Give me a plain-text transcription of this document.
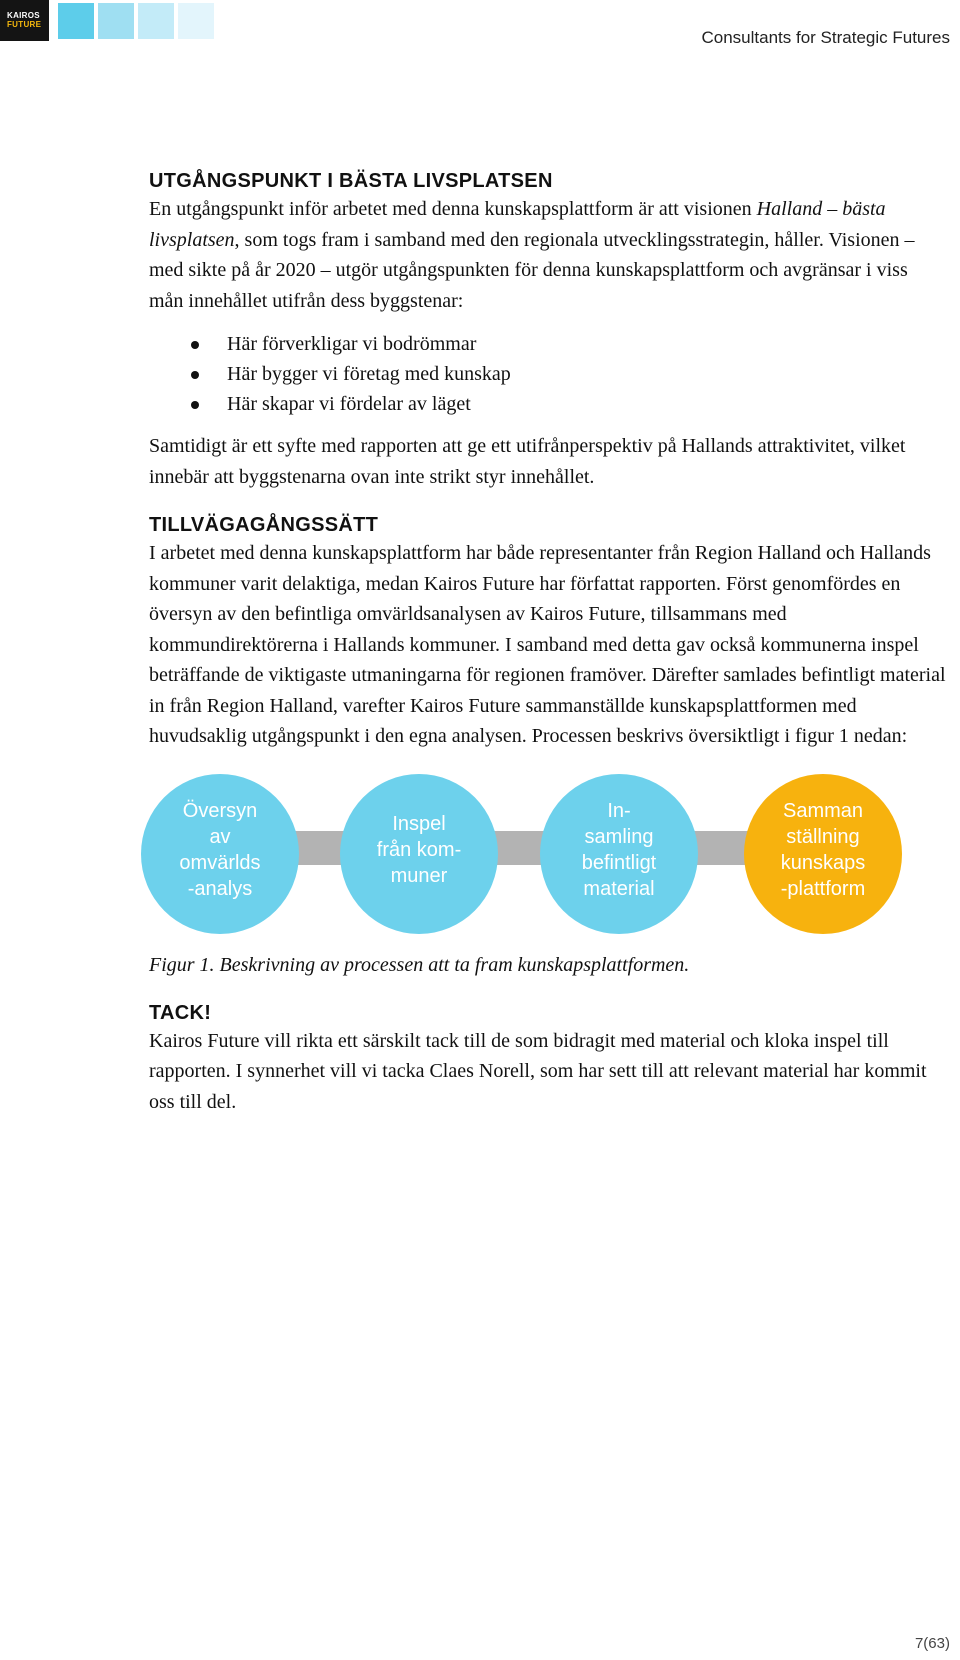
KAIROS
FUTURE
Consultants for Strategic Futures
UTGÅNGSPUNKT I BÄSTA LIVSPLATSEN

En utgångspunkt inför arbetet med denna kunskapsplattform är att visionen Halland – bästa livsplatsen, som togs fram i samband med den regionala utvecklingsstrategin, håller. Visionen – med sikte på år 2020 – utgör utgångspunkten för denna kunskapsplattform och avgränsar i viss mån innehållet utifrån dess byggstenar:

Här förverkligar vi bodrömmar
Här bygger vi företag med kunskap
Här skapar vi fördelar av läget

Samtidigt är ett syfte med rapporten att ge ett utifrånperspektiv på Hallands attraktivitet, vilket innebär att byggstenarna ovan inte strikt styr innehållet.

TILLVÄGAGÅNGSSÄTT

I arbetet med denna kunskapsplattform har både representanter från Region Halland och Hallands kommuner varit delaktiga, medan Kairos Future har författat rapporten. Först genomfördes en översyn av den befintliga omvärldsanalysen av Kairos Future, tillsammans med kommundirektörerna i Hallands kommuner. I samband med detta gav också kommunerna inspel beträffande de viktigaste utmaningarna för regionen framöver. Därefter samlades befintligt material in från Region Halland, varefter Kairos Future sammanställde kunskapsplattformen med huvudsaklig utgångspunkt i den egna analysen. Processen beskrivs översiktligt i figur 1 nedan:

Översyn
av
omvärlds
-analys
Inspel
från kom-
muner
In-
samling
befintligt
material
Samman
ställning
kunskaps
-plattform

Figur 1. Beskrivning av processen att ta fram kunskapsplattformen.

TACK!

Kairos Future vill rikta ett särskilt tack till de som bidragit med material och kloka inspel till rapporten. I synnerhet vill vi tacka Claes Norell, som har sett till att relevant material har kommit oss till del.

7(63)
